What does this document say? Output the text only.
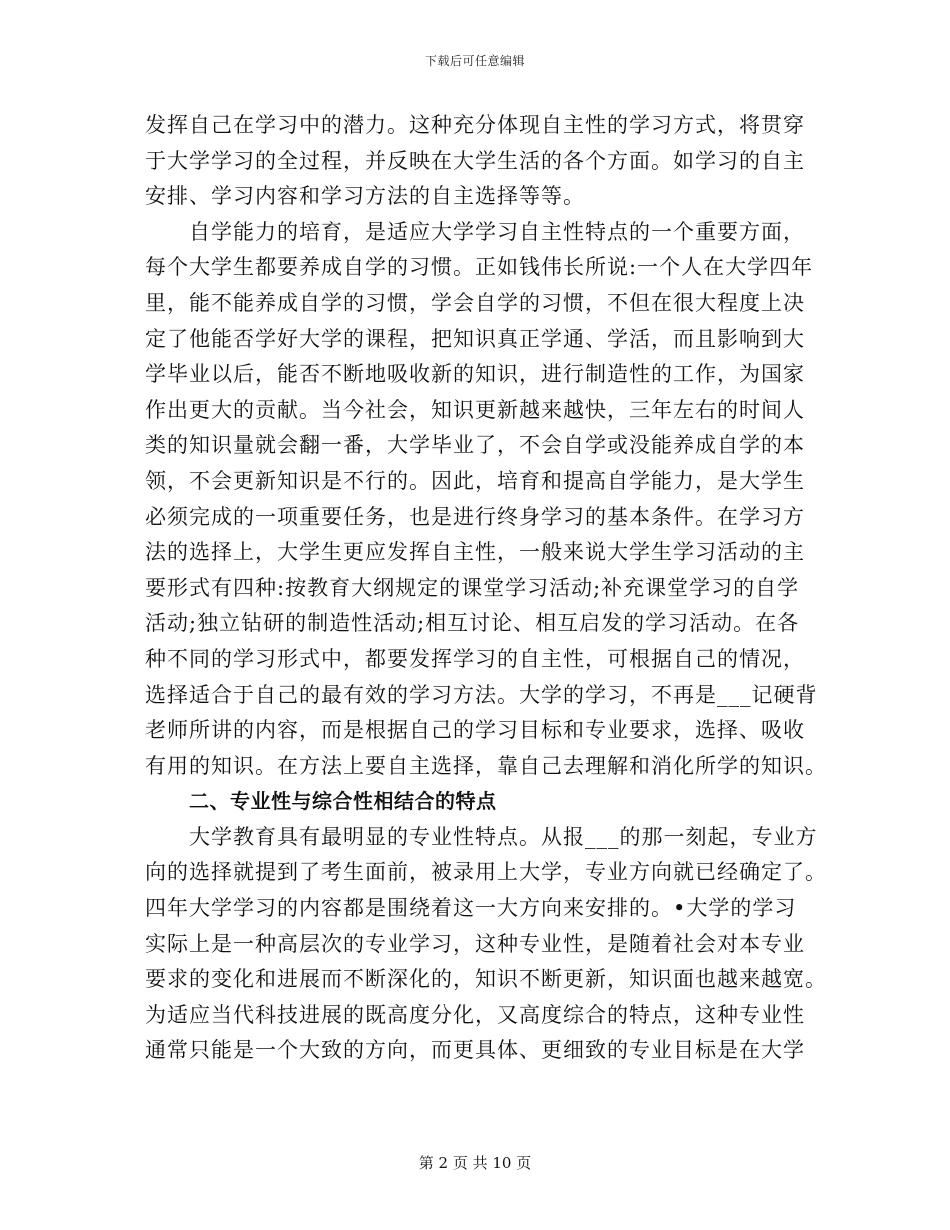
下载后可任意编辑
发挥自己在学习中的潜力。这种充分体现自主性的学习方式，将贯穿
于大学学习的全过程，并反映在大学生活的各个方面。如学习的自主
安排、学习内容和学习方法的自主选择等等。
自学能力的培育，是适应大学学习自主性特点的一个重要方面，
每个大学生都要养成自学的习惯。正如钱伟长所说:一个人在大学四年
里，能不能养成自学的习惯，学会自学的习惯，不但在很大程度上决
定了他能否学好大学的课程，把知识真正学通、学活，而且影响到大
学毕业以后，能否不断地吸收新的知识，进行制造性的工作，为国家
作出更大的贡献。当今社会，知识更新越来越快，三年左右的时间人
类的知识量就会翻一番，大学毕业了，不会自学或没能养成自学的本
领，不会更新知识是不行的。因此，培育和提高自学能力，是大学生
必须完成的一项重要任务，也是进行终身学习的基本条件。在学习方
法的选择上，大学生更应发挥自主性，一般来说大学生学习活动的主
要形式有四种:按教育大纲规定的课堂学习活动;补充课堂学习的自学
活动;独立钻研的制造性活动;相互讨论、相互启发的学习活动。在各
种不同的学习形式中，都要发挥学习的自主性，可根据自己的情况，
选择适合于自己的最有效的学习方法。大学的学习，不再是___记硬背
老师所讲的内容，而是根据自己的学习目标和专业要求，选择、吸收
有用的知识。在方法上要自主选择，靠自己去理解和消化所学的知识。
二、专业性与综合性相结合的特点
大学教育具有最明显的专业性特点。从报___的那一刻起，专业方
向的选择就提到了考生面前，被录用上大学，专业方向就已经确定了。
四年大学学习的内容都是围绕着这一大方向来安排的。•大学的学习
实际上是一种高层次的专业学习，这种专业性，是随着社会对本专业
要求的变化和进展而不断深化的，知识不断更新，知识面也越来越宽。
为适应当代科技进展的既高度分化，又高度综合的特点，这种专业性
通常只能是一个大致的方向，而更具体、更细致的专业目标是在大学
第 2 页 共 10 页
